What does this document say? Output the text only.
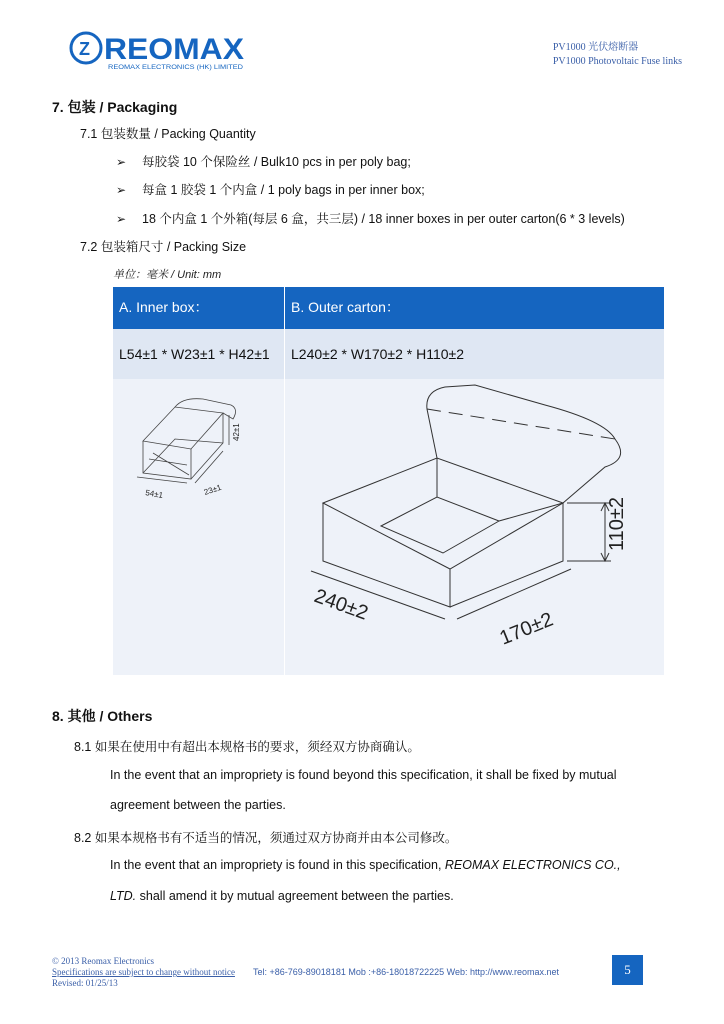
Z REOMAX
REOMAX ELECTRONICS (HK) LIMITED
PV1000 光伏熔断器
PV1000 Photovoltaic Fuse links
7. 包装 / Packaging
7.1 包装数量 / Packing Quantity
➢ 每胶袋 10 个保险丝 / Bulk10 pcs in per poly bag;
➢ 每盒 1 胶袋 1 个内盒 / 1 poly bags in per inner box;
➢ 18 个内盒 1 个外箱(每层 6 盒，共三层) / 18 inner boxes in per outer carton(6 * 3 levels)
7.2 包装箱尺寸 / Packing Size
单位：毫米 / Unit: mm
A. Inner box：	B. Outer carton：
L54±1 * W23±1 * H42±1	L240±2 * W170±2 * H110±2
54±1	23±1
42±1
110±2
240±2
170±2
8. 其他 / Others
8.1 如果在使用中有超出本规格书的要求，须经双方协商确认。
In the event that an impropriety is found beyond this specification, it shall be fixed by mutual
agreement between the parties.
8.2 如果本规格书有不适当的情况，须通过双方协商并由本公司修改。
In the event that an impropriety is found in this specification, REOMAX ELECTRONICS CO.,
LTD. shall amend it by mutual agreement between the parties.
© 2013 Reomax Electronics
Specifications are subject to change without notice
Revised: 01/25/13
Tel: +86-769-89018181 Mob :+86-18018722225 Web: http://www.reomax.net	5
